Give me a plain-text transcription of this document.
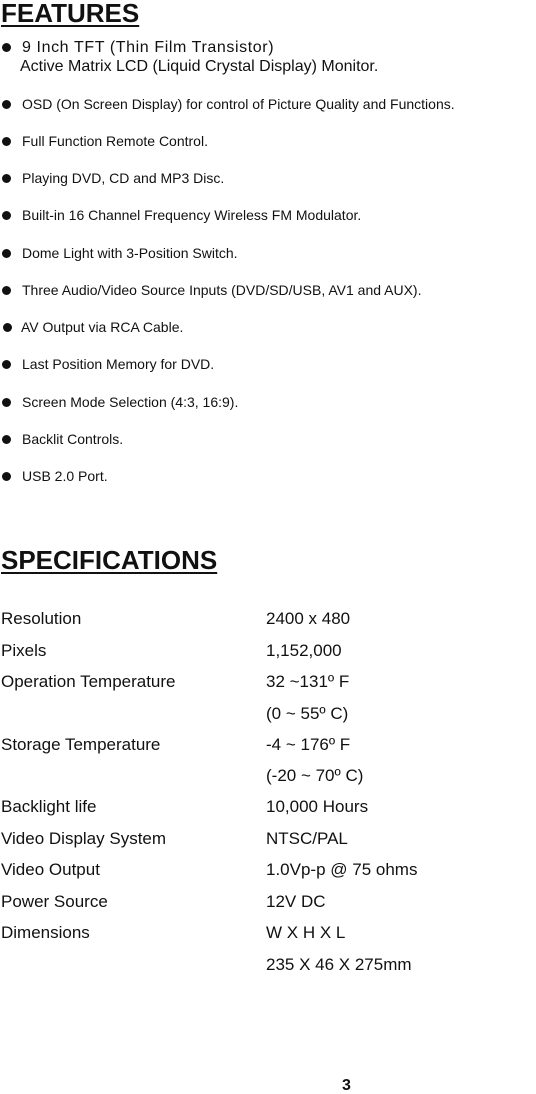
FEATURES
9 Inch TFT (Thin Film Transistor)
Active Matrix LCD (Liquid Crystal Display) Monitor.
OSD (On Screen Display) for control of Picture Quality and Functions.
Full Function Remote Control.
Playing DVD, CD and MP3 Disc.
Built-in 16 Channel Frequency Wireless FM Modulator.
Dome Light with 3-Position Switch.
Three Audio/Video Source Inputs (DVD/SD/USB, AV1 and AUX).
AV Output via RCA Cable.
Last Position Memory for DVD.
Screen Mode Selection (4:3, 16:9).
Backlit Controls.
USB 2.0 Port.
SPECIFICATIONS
Resolution	2400 x 480
Pixels	1,152,000
Operation Temperature	32 ~131º F
(0 ~ 55º C)
Storage Temperature	-4 ~ 176º F
(-20 ~ 70º C)
Backlight life	10,000 Hours
Video Display System	NTSC/PAL
Video Output	1.0Vp-p @ 75 ohms
Power Source	12V DC
Dimensions	W X H X L
235 X 46 X 275mm
3
